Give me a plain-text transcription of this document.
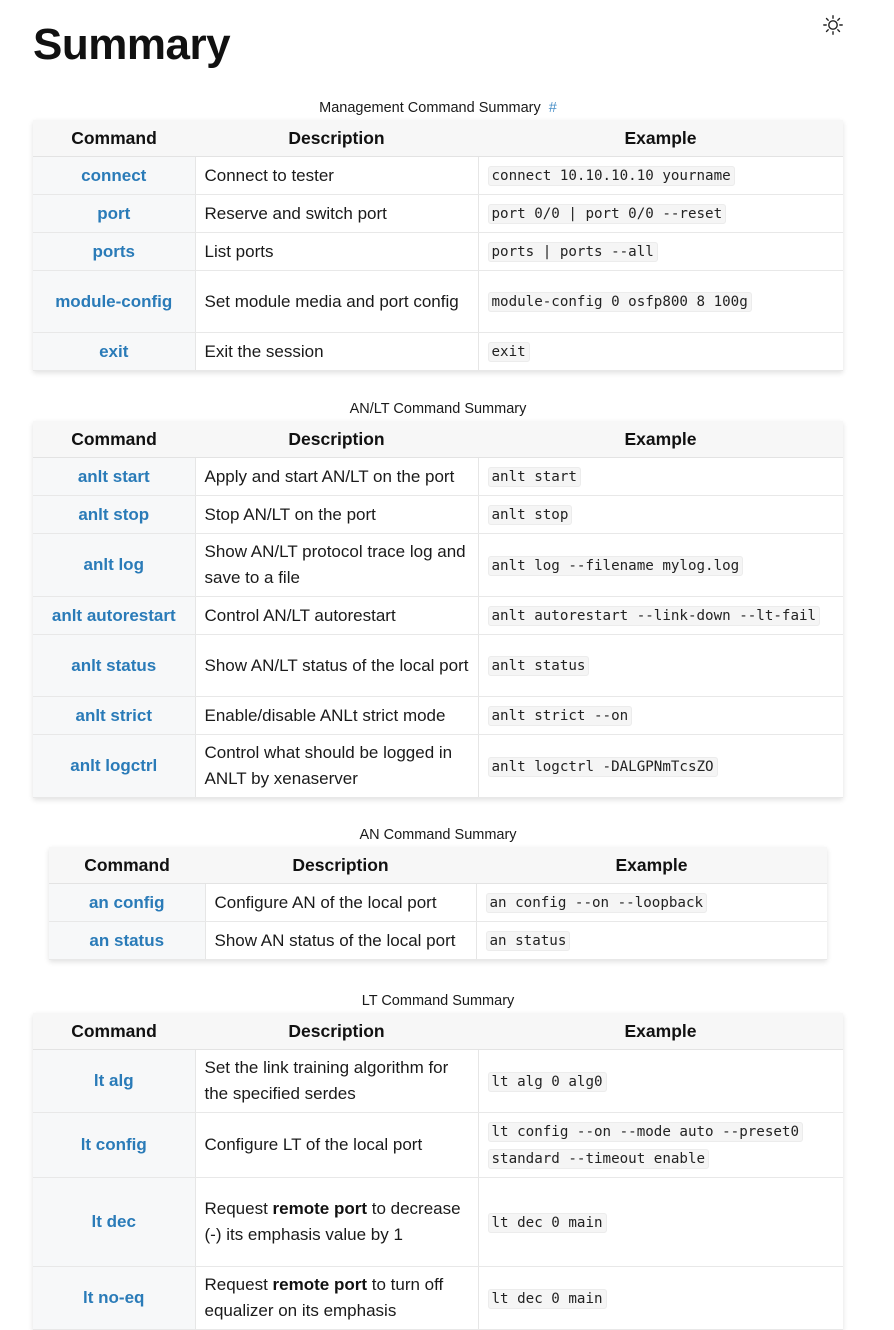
Summary
Management Command Summary #
Command	Description	Example
connect	Connect to tester	connect 10.10.10.10 yourname
port	Reserve and switch port	port 0/0 | port 0/0 --reset
ports	List ports	ports | ports --all
module-config	Set module media and port config	module-config 0 osfp800 8 100g
exit	Exit the session	exit
AN/LT Command Summary
Command	Description	Example
anlt start	Apply and start AN/LT on the port	anlt start
anlt stop	Stop AN/LT on the port	anlt stop
anlt log	Show AN/LT protocol trace log and save to a file	anlt log --filename mylog.log
anlt autorestart	Control AN/LT autorestart	anlt autorestart --link-down --lt-fail
anlt status	Show AN/LT status of the local port	anlt status
anlt strict	Enable/disable ANLt strict mode	anlt strict --on
anlt logctrl	Control what should be logged in ANLT by xenaserver	anlt logctrl -DALGPNmTcsZO
AN Command Summary
Command	Description	Example
an config	Configure AN of the local port	an config --on --loopback
an status	Show AN status of the local port	an status
LT Command Summary
Command	Description	Example
lt alg	Set the link training algorithm for the specified serdes	lt alg 0 alg0
lt config	Configure LT of the local port	lt config --on --mode auto --preset0 standard --timeout enable
lt dec	Request remote port to decrease (-) its emphasis value by 1	lt dec 0 main
lt no-eq	Request remote port to turn off equalizer on its emphasis	lt dec 0 main
